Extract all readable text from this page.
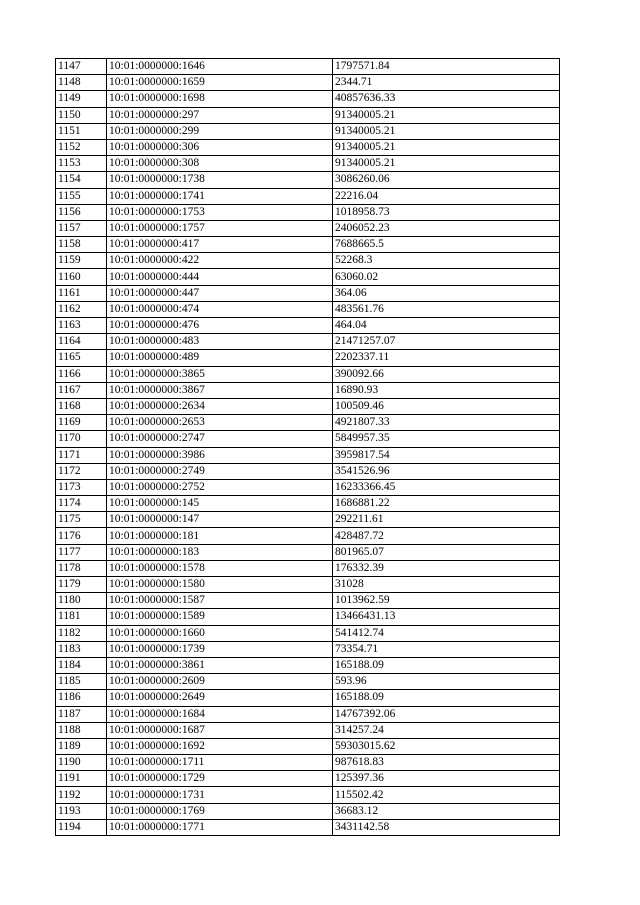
1147	10:01:0000000:1646	1797571.84
1148	10:01:0000000:1659	2344.71
1149	10:01:0000000:1698	40857636.33
1150	10:01:0000000:297	91340005.21
1151	10:01:0000000:299	91340005.21
1152	10:01:0000000:306	91340005.21
1153	10:01:0000000:308	91340005.21
1154	10:01:0000000:1738	3086260.06
1155	10:01:0000000:1741	22216.04
1156	10:01:0000000:1753	1018958.73
1157	10:01:0000000:1757	2406052.23
1158	10:01:0000000:417	7688665.5
1159	10:01:0000000:422	52268.3
1160	10:01:0000000:444	63060.02
1161	10:01:0000000:447	364.06
1162	10:01:0000000:474	483561.76
1163	10:01:0000000:476	464.04
1164	10:01:0000000:483	21471257.07
1165	10:01:0000000:489	2202337.11
1166	10:01:0000000:3865	390092.66
1167	10:01:0000000:3867	16890.93
1168	10:01:0000000:2634	100509.46
1169	10:01:0000000:2653	4921807.33
1170	10:01:0000000:2747	5849957.35
1171	10:01:0000000:3986	3959817.54
1172	10:01:0000000:2749	3541526.96
1173	10:01:0000000:2752	16233366.45
1174	10:01:0000000:145	1686881.22
1175	10:01:0000000:147	292211.61
1176	10:01:0000000:181	428487.72
1177	10:01:0000000:183	801965.07
1178	10:01:0000000:1578	176332.39
1179	10:01:0000000:1580	31028
1180	10:01:0000000:1587	1013962.59
1181	10:01:0000000:1589	13466431.13
1182	10:01:0000000:1660	541412.74
1183	10:01:0000000:1739	73354.71
1184	10:01:0000000:3861	165188.09
1185	10:01:0000000:2609	593.96
1186	10:01:0000000:2649	165188.09
1187	10:01:0000000:1684	14767392.06
1188	10:01:0000000:1687	314257.24
1189	10:01:0000000:1692	59303015.62
1190	10:01:0000000:1711	987618.83
1191	10:01:0000000:1729	125397.36
1192	10:01:0000000:1731	115502.42
1193	10:01:0000000:1769	36683.12
1194	10:01:0000000:1771	3431142.58
